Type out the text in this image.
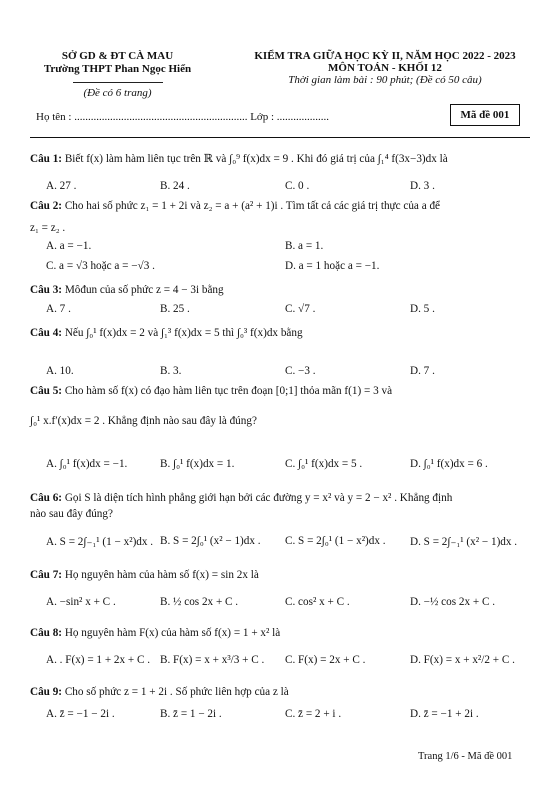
SỞ GD & ĐT CÀ MAU
Trường THPT Phan Ngọc Hiển
(Đề có 6 trang)
KIỂM TRA GIỮA HỌC KỲ II, NĂM HỌC 2022 - 2023
MÔN TOÁN - KHỐI 12
Thời gian làm bài : 90 phút; (Đề có 50 câu)
Họ tên : ............................................................... Lớp : ...................	Mã đề 001
Câu 1: Biết f(x) làm hàm liên tục trên ℝ và ∫₀⁹ f(x)dx = 9 . Khi đó giá trị của ∫₁⁴ f(3x−3)dx là
A. 27 .	B. 24 .	C. 0 .	D. 3 .
Câu 2: Cho hai số phức z₁ = 1 + 2i và z₂ = a + (a² + 1)i . Tìm tất cả các giá trị thực của a để
z₁ = z₂ .
A. a = −1.	B. a = 1.
C. a = √3 hoặc a = −√3 .	D. a = 1 hoặc a = −1.
Câu 3: Môđun của số phức z = 4 − 3i bằng
A. 7 .	B. 25 .	C. √7 .	D. 5 .
Câu 4: Nếu ∫₀¹ f(x)dx = 2 và ∫₁³ f(x)dx = 5 thì ∫₀³ f(x)dx bằng
A. 10.	B. 3.	C. −3 .	D. 7 .
Câu 5: Cho hàm số f(x) có đạo hàm liên tục trên đoạn [0;1] thỏa mãn f(1) = 3 và
∫₀¹ x.f′(x)dx = 2 . Khẳng định nào sau đây là đúng?
A. ∫₀¹ f(x)dx = −1.	B. ∫₀¹ f(x)dx = 1.	C. ∫₀¹ f(x)dx = 5 .	D. ∫₀¹ f(x)dx = 6 .
Câu 6: Gọi S là diện tích hình phẳng giới hạn bởi các đường y = x² và y = 2 − x² . Khẳng định
nào sau đây đúng?
A. S = 2∫₋₁¹ (1 − x²)dx . B. S = 2∫₀¹ (x² − 1)dx . C. S = 2∫₀¹ (1 − x²)dx . D. S = 2∫₋₁¹ (x² − 1)dx .
Câu 7: Họ nguyên hàm của hàm số f(x) = sin 2x là
A. −sin² x + C .	B. ½ cos 2x + C .	C. cos² x + C .	D. −½ cos 2x + C .
Câu 8: Họ nguyên hàm F(x) của hàm số f(x) = 1 + x² là
A. . F(x) = 1 + 2x + C . B. F(x) = x + x³/3 + C . C. F(x) = 2x + C .	D. F(x) = x + x²/2 + C .
Câu 9: Cho số phức z = 1 + 2i . Số phức liên hợp của z là
A. z̄ = −1 − 2i .	B. z̄ = 1 − 2i .	C. z̄ = 2 + i .	D. z̄ = −1 + 2i .
Trang 1/6 - Mã đề 001
